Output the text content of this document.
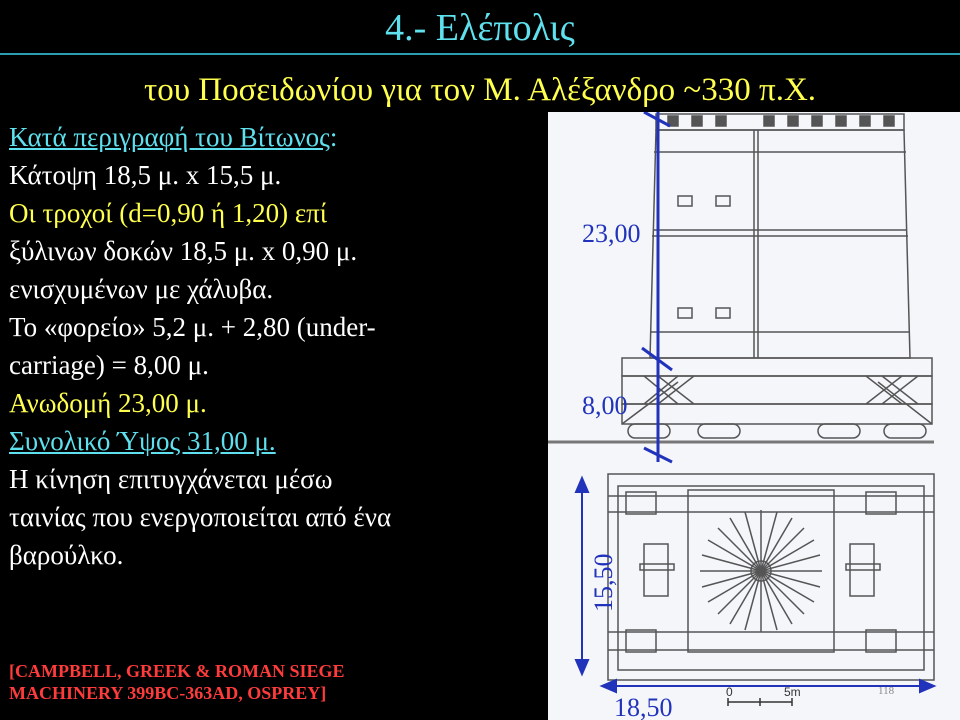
4.- Ελέπολις
του Ποσειδωνίου για τον Μ. Αλέξανδρο ~330 π.Χ.
Κατά περιγραφή του Βίτωνος:
Κάτοψη 18,5 μ. x 15,5 μ.
Οι τροχοί (d=0,90 ή 1,20) επί
ξύλινων δοκών 18,5 μ. x 0,90 μ.
ενισχυμένων με χάλυβα.
Το «φορείο» 5,2 μ. + 2,80 (under-
carriage) = 8,00 μ.
Ανωδομή 23,00 μ.
Συνολικό Ύψος 31,00 μ.
Η κίνηση επιτυγχάνεται μέσω
ταινίας που ενεργοποιείται από ένα
βαρούλκο.
[CAMPBELL, GREEK & ROMAN SIEGE
MACHINERY 399BC-363AD, OSPREY]
23,00
8,00
15,50
18,50
0	5m	118
